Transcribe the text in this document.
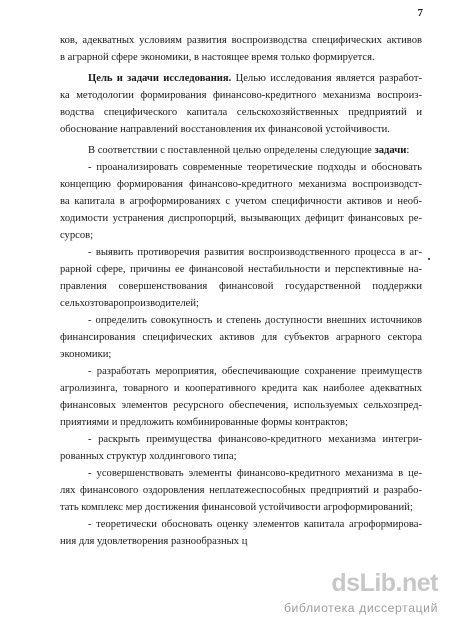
7
ков, адекватных условиям развития воспроизводства специфических активов
в аграрной сфере экономики, в настоящее время только формируется.
Цель и задачи исследования. Целью исследования является разработ-
ка методологии формирования финансово-кредитного механизма воспроиз-
водства специфического капитала сельскохозяйственных предприятий и
обоснование направлений восстановления их финансовой устойчивости.
В соответствии с поставленной целью определены следующие задачи:
- проанализировать современные теоретические подходы и обосновать
концепцию формирования финансово-кредитного механизма воспроизводст-
ва капитала в агроформированиях с учетом специфичности активов и необ-
ходимости устранения диспропорций, вызывающих дефицит финансовых ре-
сурсов;
- выявить противоречия развития воспроизводственного процесса в аг-
рарной сфере, причины ее финансовой нестабильности и перспективные на-
правления совершенствования финансовой государственной поддержки
сельхозтоваропроизводителей;
- определить совокупность и степень доступности внешних источников
финансирования специфических активов для субъектов аграрного сектора
экономики;
- разработать мероприятия, обеспечивающие сохранение преимуществ
агролизинга, товарного и кооперативного кредита как наиболее адекватных
финансовых элементов ресурсного обеспечения, используемых сельхозпред-
приятиями и предложить комбинированные формы контрактов;
- раскрыть преимущества финансово-кредитного механизма интегри-
рованных структур холдингового типа;
- усовершенствовать элементы финансово-кредитного механизма в це-
лях финансового оздоровления неплатежеспособных предприятий и разрабо-
тать комплекс мер достижения финансовой устойчивости агроформирований;
- теоретически обосновать оценку элементов капитала агроформирова-
ния для удовлетворения разнообразных ц
dsLib.net
библиотека диссертаций
